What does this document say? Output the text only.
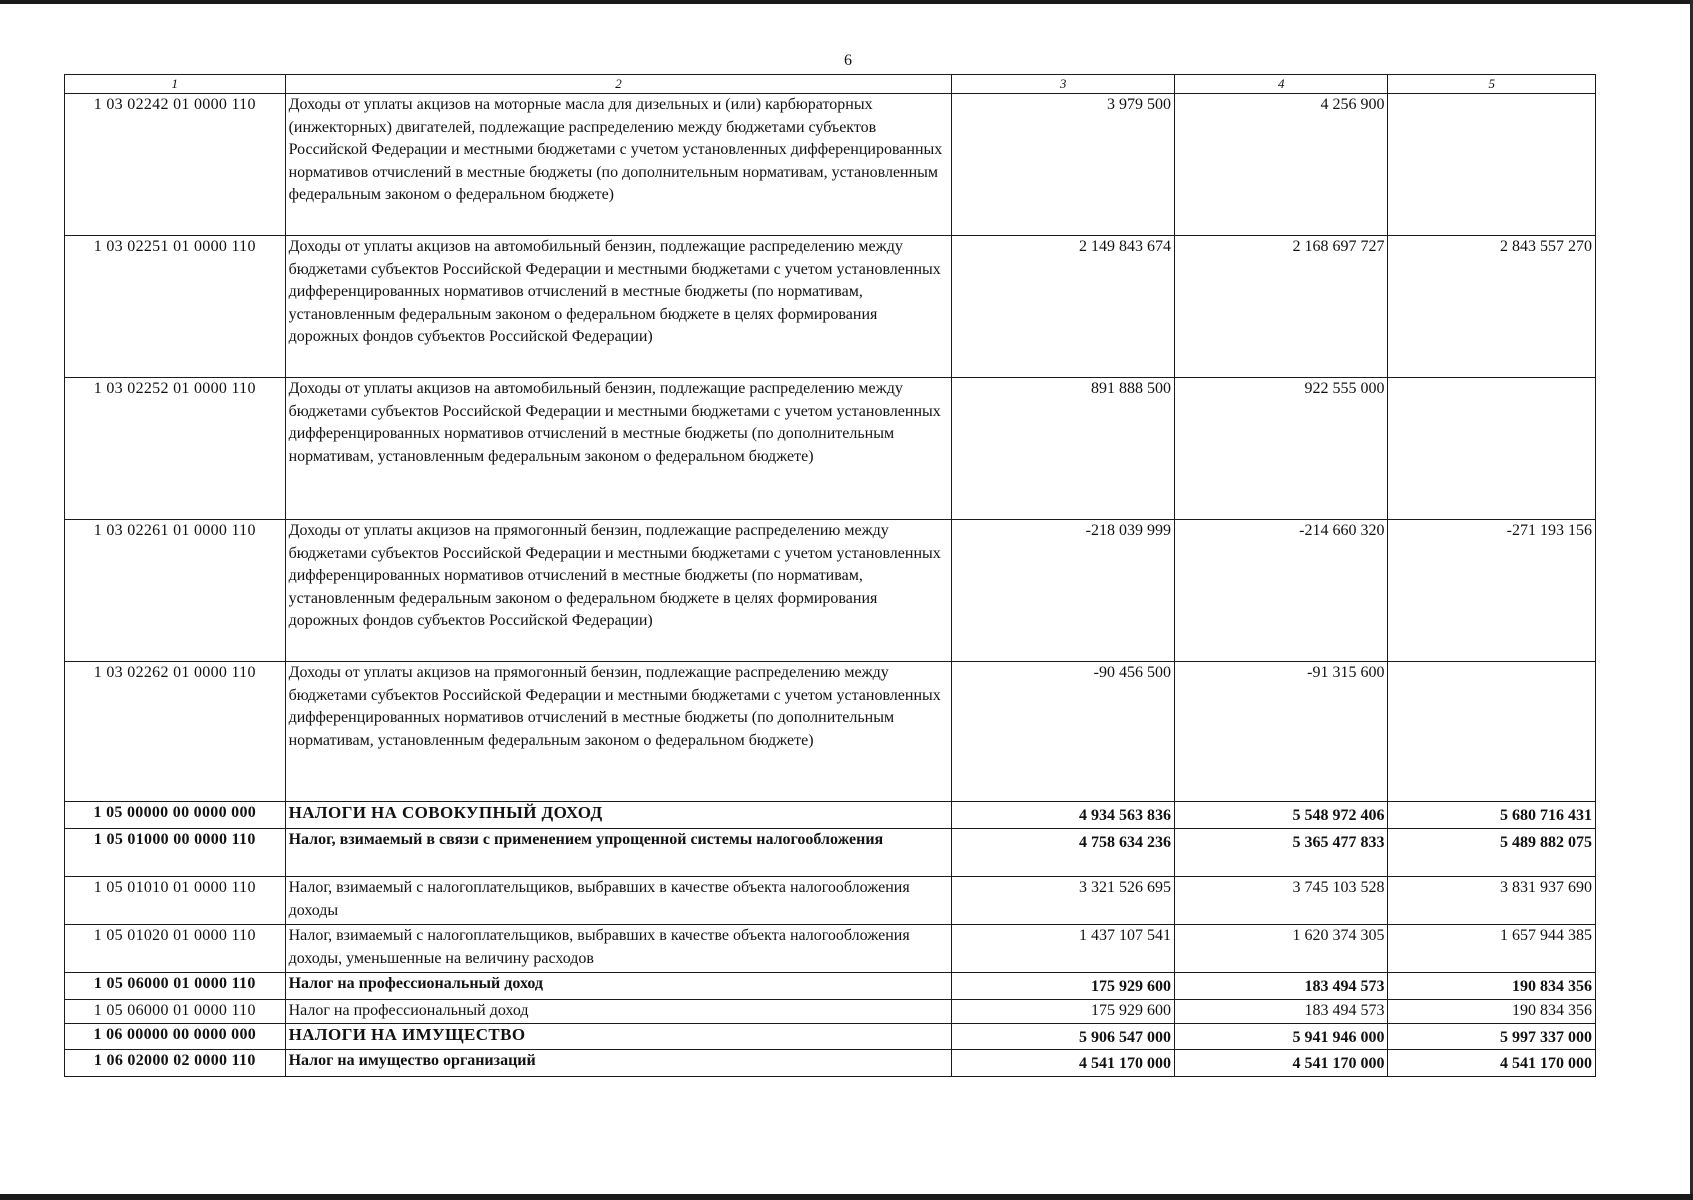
6
1	2	3	4	5
1 03 02242 01 0000 110	Доходы от уплаты акцизов на моторные масла для дизельных и (или) карбюраторных (инжекторных) двигателей, подлежащие распределению между бюджетами субъектов Российской Федерации и местными бюджетами с учетом установленных дифференцированных нормативов отчислений в местные бюджеты (по дополнительным нормативам, установленным федеральным законом о федеральном бюджете)	3 979 500	4 256 900	
1 03 02251 01 0000 110	Доходы от уплаты акцизов на автомобильный бензин, подлежащие распределению между бюджетами субъектов Российской Федерации и местными бюджетами с учетом установленных дифференцированных нормативов отчислений в местные бюджеты (по нормативам, установленным федеральным законом о федеральном бюджете в целях формирования дорожных фондов субъектов Российской Федерации)	2 149 843 674	2 168 697 727	2 843 557 270
1 03 02252 01 0000 110	Доходы от уплаты акцизов на автомобильный бензин, подлежащие распределению между бюджетами субъектов Российской Федерации и местными бюджетами с учетом установленных дифференцированных нормативов отчислений в местные бюджеты (по дополнительным нормативам, установленным федеральным законом о федеральном бюджете)	891 888 500	922 555 000	
1 03 02261 01 0000 110	Доходы от уплаты акцизов на прямогонный бензин, подлежащие распределению между бюджетами субъектов Российской Федерации и местными бюджетами с учетом установленных дифференцированных нормативов отчислений в местные бюджеты (по нормативам, установленным федеральным законом о федеральном бюджете в целях формирования дорожных фондов субъектов Российской Федерации)	-218 039 999	-214 660 320	-271 193 156
1 03 02262 01 0000 110	Доходы от уплаты акцизов на прямогонный бензин, подлежащие распределению между бюджетами субъектов Российской Федерации и местными бюджетами с учетом установленных дифференцированных нормативов отчислений в местные бюджеты (по дополнительным нормативам, установленным федеральным законом о федеральном бюджете)	-90 456 500	-91 315 600	
1 05 00000 00 0000 000	НАЛОГИ НА СОВОКУПНЫЙ ДОХОД	4 934 563 836	5 548 972 406	5 680 716 431
1 05 01000 00 0000 110	Налог, взимаемый в связи с применением упрощенной системы налогообложения	4 758 634 236	5 365 477 833	5 489 882 075
1 05 01010 01 0000 110	Налог, взимаемый с налогоплательщиков, выбравших в качестве объекта налогообложения доходы	3 321 526 695	3 745 103 528	3 831 937 690
1 05 01020 01 0000 110	Налог, взимаемый с налогоплательщиков, выбравших в качестве объекта налогообложения доходы, уменьшенные на величину расходов	1 437 107 541	1 620 374 305	1 657 944 385
1 05 06000 01 0000 110	Налог на профессиональный доход	175 929 600	183 494 573	190 834 356
1 05 06000 01 0000 110	Налог на профессиональный доход	175 929 600	183 494 573	190 834 356
1 06 00000 00 0000 000	НАЛОГИ НА ИМУЩЕСТВО	5 906 547 000	5 941 946 000	5 997 337 000
1 06 02000 02 0000 110	Налог на имущество организаций	4 541 170 000	4 541 170 000	4 541 170 000
